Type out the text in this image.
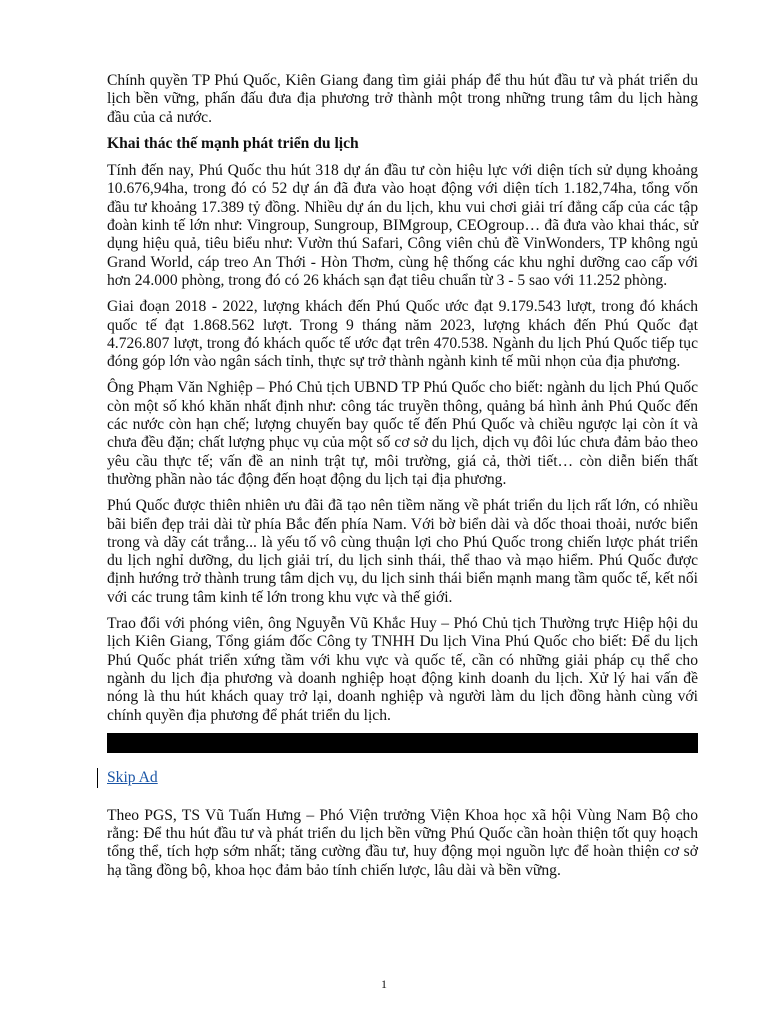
Chính quyền TP Phú Quốc, Kiên Giang đang tìm giải pháp để thu hút đầu tư và phát triển du lịch bền vững, phấn đấu đưa địa phương trở thành một trong những trung tâm du lịch hàng đầu của cả nước.

Khai thác thế mạnh phát triển du lịch

Tính đến nay, Phú Quốc thu hút 318 dự án đầu tư còn hiệu lực với diện tích sử dụng khoảng 10.676,94ha, trong đó có 52 dự án đã đưa vào hoạt động với diện tích 1.182,74ha, tổng vốn đầu tư khoảng 17.389 tỷ đồng. Nhiều dự án du lịch, khu vui chơi giải trí đẳng cấp của các tập đoàn kinh tế lớn như: Vingroup, Sungroup, BIMgroup, CEOgroup… đã đưa vào khai thác, sử dụng hiệu quả, tiêu biểu như: Vườn thú Safari, Công viên chủ đề VinWonders, TP không ngủ Grand World, cáp treo An Thới - Hòn Thơm, cùng hệ thống các khu nghỉ dưỡng cao cấp với hơn 24.000 phòng, trong đó có 26 khách sạn đạt tiêu chuẩn từ 3 - 5 sao với 11.252 phòng.

Giai đoạn 2018 - 2022, lượng khách đến Phú Quốc ước đạt 9.179.543 lượt, trong đó khách quốc tế đạt 1.868.562 lượt. Trong 9 tháng năm 2023, lượng khách đến Phú Quốc đạt 4.726.807 lượt, trong đó khách quốc tế ước đạt trên 470.538. Ngành du lịch Phú Quốc tiếp tục đóng góp lớn vào ngân sách tỉnh, thực sự trở thành ngành kinh tế mũi nhọn của địa phương.

Ông Phạm Văn Nghiệp – Phó Chủ tịch UBND TP Phú Quốc cho biết: ngành du lịch Phú Quốc còn một số khó khăn nhất định như: công tác truyền thông, quảng bá hình ảnh Phú Quốc đến các nước còn hạn chế; lượng chuyến bay quốc tế đến Phú Quốc và chiều ngược lại còn ít và chưa đều đặn; chất lượng phục vụ của một số cơ sở du lịch, dịch vụ đôi lúc chưa đảm bảo theo yêu cầu thực tế; vấn đề an ninh trật tự, môi trường, giá cả, thời tiết… còn diễn biến thất thường phần nào tác động đến hoạt động du lịch tại địa phương.

Phú Quốc được thiên nhiên ưu đãi đã tạo nên tiềm năng về phát triển du lịch rất lớn, có nhiều bãi biển đẹp trải dài từ phía Bắc đến phía Nam. Với bờ biển dài và dốc thoai thoải, nước biển trong và dãy cát trắng... là yếu tố vô cùng thuận lợi cho Phú Quốc trong chiến lược phát triển du lịch nghỉ dưỡng, du lịch giải trí, du lịch sinh thái, thể thao và mạo hiểm. Phú Quốc được định hướng trở thành trung tâm dịch vụ, du lịch sinh thái biển mạnh mang tầm quốc tế, kết nối với các trung tâm kinh tế lớn trong khu vực và thế giới.

Trao đổi với phóng viên, ông Nguyễn Vũ Khắc Huy – Phó Chủ tịch Thường trực Hiệp hội du lịch Kiên Giang, Tổng giám đốc Công ty TNHH Du lịch Vina Phú Quốc cho biết: Để du lịch Phú Quốc phát triển xứng tầm với khu vực và quốc tế, cần có những giải pháp cụ thể cho ngành du lịch địa phương và doanh nghiệp hoạt động kinh doanh du lịch. Xử lý hai vấn đề nóng là thu hút khách quay trở lại, doanh nghiệp và người làm du lịch đồng hành cùng với chính quyền địa phương để phát triển du lịch.

Skip Ad

Theo PGS, TS Vũ Tuấn Hưng – Phó Viện trưởng Viện Khoa học xã hội Vùng Nam Bộ cho rằng: Để thu hút đầu tư và phát triển du lịch bền vững Phú Quốc cần hoàn thiện tốt quy hoạch tổng thể, tích hợp sớm nhất; tăng cường đầu tư, huy động mọi nguồn lực để hoàn thiện cơ sở hạ tầng đồng bộ, khoa học đảm bảo tính chiến lược, lâu dài và bền vững.

1
